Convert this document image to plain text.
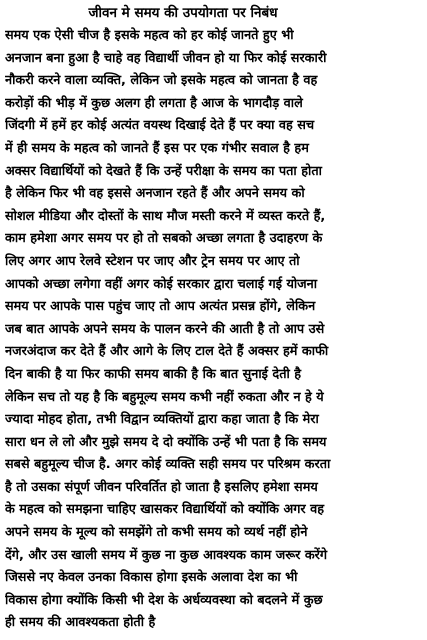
जीवन मे समय की उपयोगता पर निबंध
समय एक ऐसी चीज है इसके महत्व को हर कोई जानते हुए भी
अनजान बना हुआ है चाहे वह विद्यार्थी जीवन हो या फिर कोई सरकारी
नौकरी करने वाला व्यक्ति, लेकिन जो इसके महत्व को जानता है वह
करोड़ों की भीड़ में कुछ अलग ही लगता है आज के भागदौड़ वाले
जिंदगी में हमें हर कोई अत्यंत वयस्थ दिखाई देते हैं पर क्या वह सच
में ही समय के महत्व को जानते हैं इस पर एक गंभीर सवाल है हम
अक्सर विद्यार्थियों को देखते हैं कि उन्हें परीक्षा के समय का पता होता
है लेकिन फिर भी वह इससे अनजान रहते हैं और अपने समय को
सोशल मीडिया और दोस्तों के साथ मौज मस्ती करने में व्यस्त करते हैं,
काम हमेशा अगर समय पर हो तो सबको अच्छा लगता है उदाहरण के
लिए अगर आप रेलवे स्टेशन पर जाए और ट्रेन समय पर आए तो
आपको अच्छा लगेगा वहीं अगर कोई सरकार द्वारा चलाई गई योजना
समय पर आपके पास पहुंच जाए तो आप अत्यंत प्रसन्न होंगे, लेकिन
जब बात आपके अपने समय के पालन करने की आती है तो आप उसे
नजरअंदाज कर देते हैं और आगे के लिए टाल देते हैं अक्सर हमें काफी
दिन बाकी है या फिर काफी समय बाकी है कि बात सुनाई देती है
लेकिन सच तो यह है कि बहुमूल्य समय कभी नहीं रुकता और न हे ये
ज्यादा मोहद होता, तभी विद्वान व्यक्तियों द्वारा कहा जाता है कि मेरा
सारा धन ले लो और मुझे समय दे दो क्योंकि उन्हें भी पता है कि समय
सबसे बहुमूल्य चीज है. अगर कोई व्यक्ति सही समय पर परिश्रम करता
है तो उसका संपूर्ण जीवन परिवर्तित हो जाता है इसलिए हमेशा समय
के महत्व को समझना चाहिए खासकर विद्यार्थियों को क्योंकि अगर वह
अपने समय के मूल्य को समझेंगे तो कभी समय को व्यर्थ नहीं होने
देंगे, और उस खाली समय में कुछ ना कुछ आवश्यक काम जरूर करेंगे
जिससे नए केवल उनका विकास होगा इसके अलावा देश का भी
विकास होगा क्योंकि किसी भी देश के अर्धव्यवस्था को बदलने में कुछ
ही समय की आवश्यकता होती है
